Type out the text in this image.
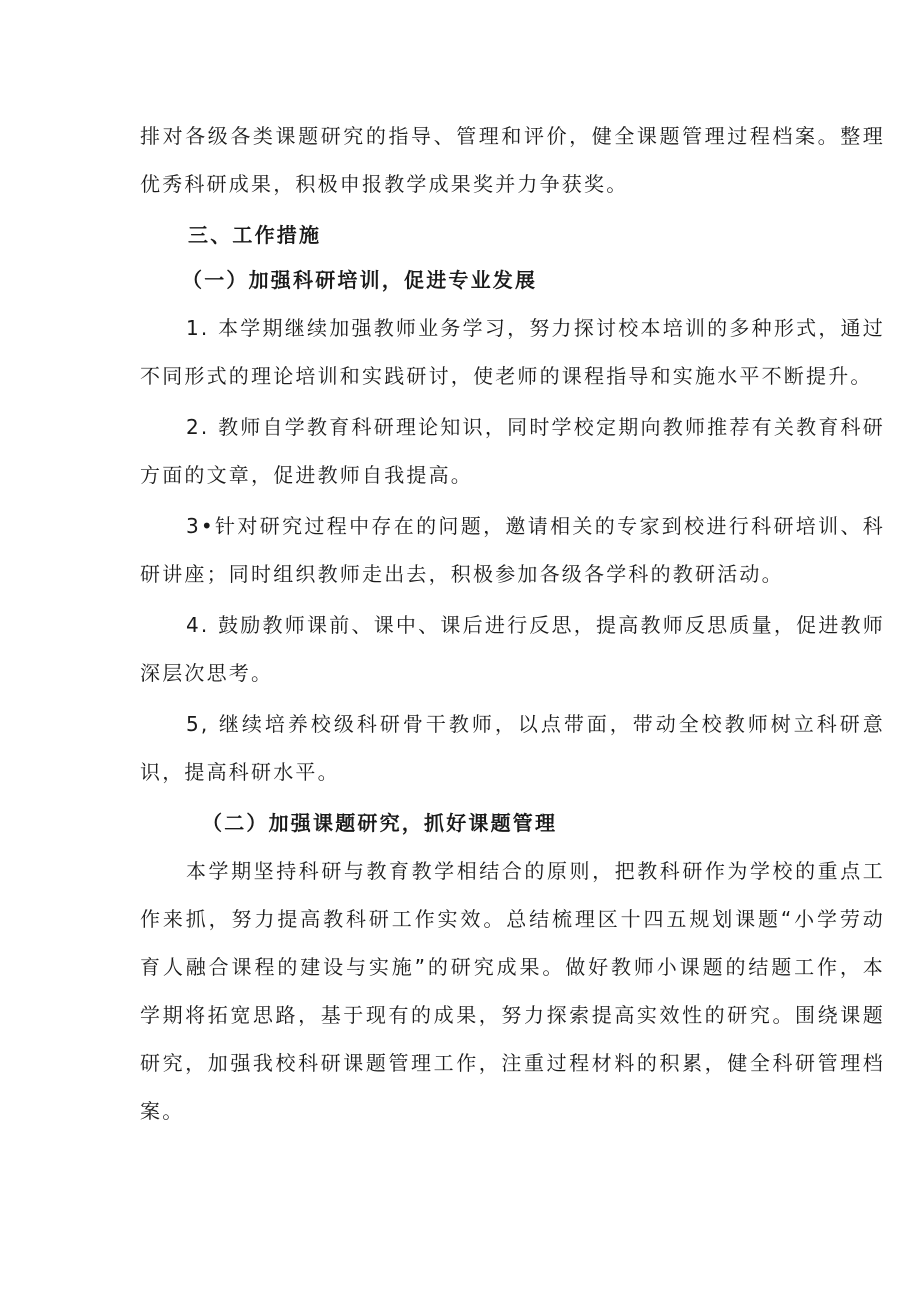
排对各级各类课题研究的指导、管理和评价，健全课题管理过程档案。整理优秀科研成果，积极申报教学成果奖并力争获奖。

三、工作措施

（一）加强科研培训，促进专业发展

1. 本学期继续加强教师业务学习，努力探讨校本培训的多种形式，通过不同形式的理论培训和实践研讨，使老师的课程指导和实施水平不断提升。

2. 教师自学教育科研理论知识，同时学校定期向教师推荐有关教育科研方面的文章，促进教师自我提高。

3•针对研究过程中存在的问题，邀请相关的专家到校进行科研培训、科研讲座；同时组织教师走出去，积极参加各级各学科的教研活动。

4. 鼓励教师课前、课中、课后进行反思，提高教师反思质量，促进教师深层次思考。

5, 继续培养校级科研骨干教师，以点带面，带动全校教师树立科研意识，提高科研水平。

（二）加强课题研究，抓好课题管理

本学期坚持科研与教育教学相结合的原则，把教科研作为学校的重点工作来抓，努力提高教科研工作实效。总结梳理区十四五规划课题“小学劳动育人融合课程的建设与实施”的研究成果。做好教师小课题的结题工作，本学期将拓宽思路，基于现有的成果，努力探索提高实效性的研究。围绕课题研究，加强我校科研课题管理工作，注重过程材料的积累，健全科研管理档案。
